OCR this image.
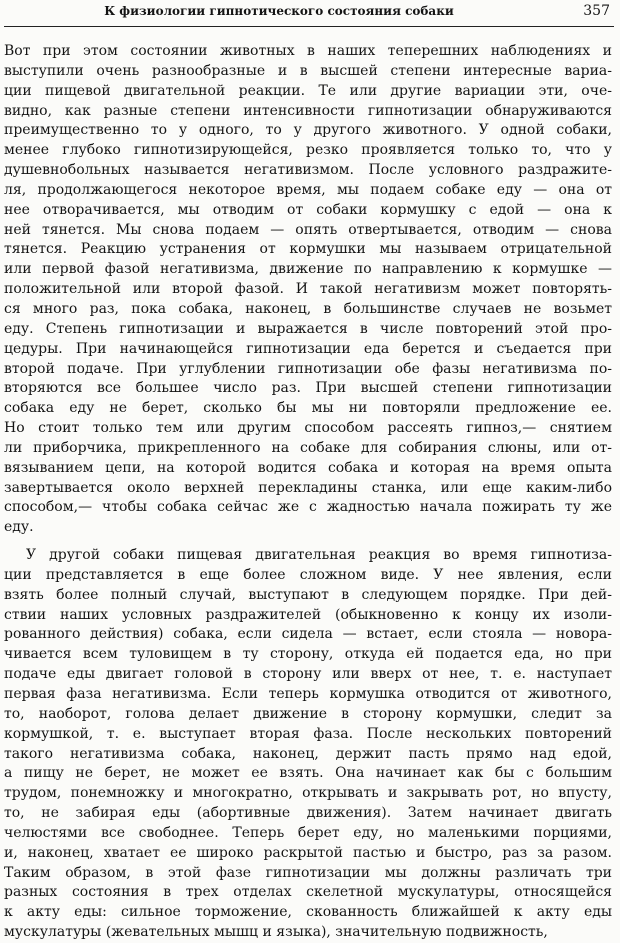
К физиологии гипнотического состояния собаки	357

Вот при этом состоянии животных в наших теперешних наблюдениях и

выступили очень разнообразные и в высшей степени интересные вариа-

ции пищевой двигательной реакции. Те или другие вариации эти, оче-

видно, как разные степени интенсивности гипнотизации обнаруживаются

преимущественно то у одного, то у другого животного. У одной собаки,

менее глубоко гипнотизирующейся, резко проявляется только то, что у

душевнобольных называется негативизмом. После условного раздражите-

ля, продолжающегося некоторое время, мы подаем собаке еду — она от

нее отворачивается, мы отводим от собаки кормушку с едой — она к

ней тянется. Мы снова подаем — опять отвертывается, отводим — снова

тянется. Реакцию устранения от кормушки мы называем отрицательной

или первой фазой негативизма, движение по направлению к кормушке —

положительной или второй фазой. И такой негативизм может повторять-

ся много раз, пока собака, наконец, в большинстве случаев не возьмет

еду. Степень гипнотизации и выражается в числе повторений этой про-

цедуры. При начинающейся гипнотизации еда берется и съедается при

второй подаче. При углублении гипнотизации обе фазы негативизма по-

вторяются все большее число раз. При высшей степени гипнотизации

собака еду не берет, сколько бы мы ни повторяли предложение ее.

Но стоит только тем или другим способом рассеять гипноз,— снятием

ли приборчика, прикрепленного на собаке для собирания слюны, или от-

вязыванием цепи, на которой водится собака и которая на время опыта

завертывается около верхней перекладины станка, или еще каким-либо

способом,— чтобы собака сейчас же с жадностью начала пожирать ту же

еду.

У другой собаки пищевая двигательная реакция во время гипнотиза-

ции представляется в еще более сложном виде. У нее явления, если

взять более полный случай, выступают в следующем порядке. При дей-

ствии наших условных раздражителей (обыкновенно к концу их изоли-

рованного действия) собака, если сидела — встает, если стояла — новора-

чивается всем туловищем в ту сторону, откуда ей подается еда, но при

подаче еды двигает головой в сторону или вверх от нее, т. е. наступает

первая фаза негативизма. Если теперь кормушка отводится от животного,

то, наоборот, голова делает движение в сторону кормушки, следит за

кормушкой, т. е. выступает вторая фаза. После нескольких повторений

такого негативизма собака, наконец, держит пасть прямо над едой,

а пищу не берет, не может ее взять. Она начинает как бы с большим

трудом, понемножку и многократно, открывать и закрывать рот, но впусту,

то, не забирая еды (абортивные движения). Затем начинает двигать

челюстями все свободнее. Теперь берет еду, но маленькими порциями,

и, наконец, хватает ее широко раскрытой пастью и быстро, раз за разом.

Таким образом, в этой фазе гипнотизации мы должны различать три

разных состояния в трех отделах скелетной мускулатуры, относящейся

к акту еды: сильное торможение, скованность ближайшей к акту еды

мускулатуры (жевательных мышц и языка), значительную подвижность,
